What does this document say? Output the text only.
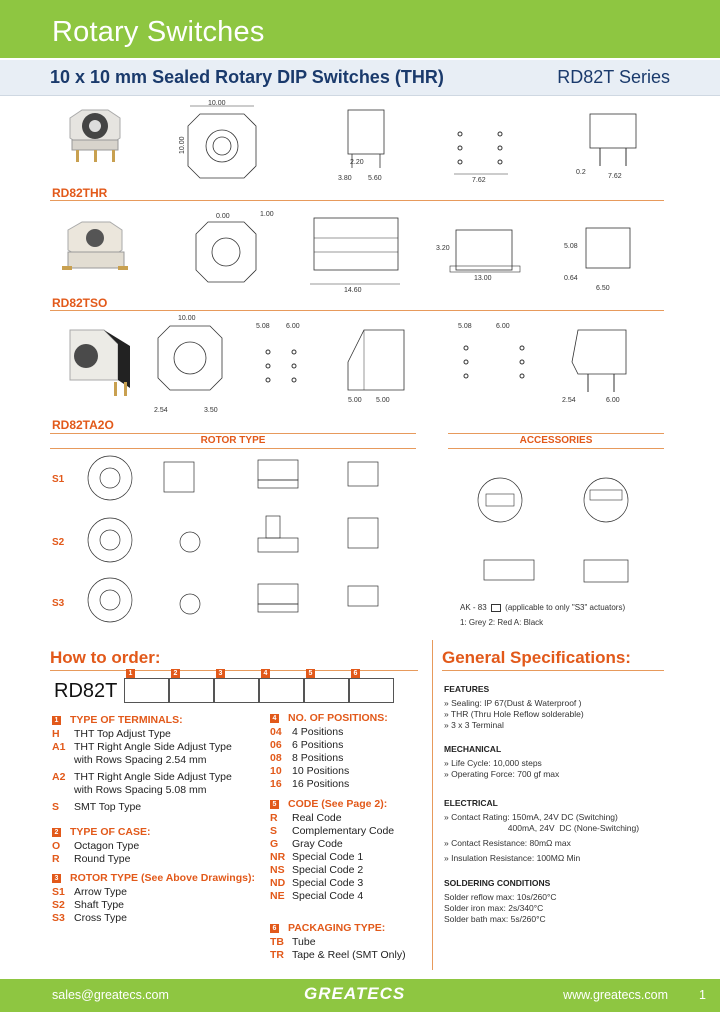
Rotary Switches
10 x 10 mm Sealed Rotary DIP Switches (THR)	RD82T Series
10.00
10.00
2.20
3.80 5.60	7.62
0.2
7.62
RD82THR
0.00	1.00
14.60
3.20
13.00
5.08
0.64
6.50
RD82TSO
10.00
2.54	3.50
5.08 6.00
5.00 5.00
5.08	6.00
2.54	6.00
RD82TA2O
ROTOR TYPE	ACCESSORIES
S1
S2
S3	AK - 83 (applicable to only "S3" actuators)
1: Grey 2: Red A: Black
How to order:
RD82T
1	2	3	4	5	6
1 TYPE OF TERMINALS:
H	THT Top Adjust Type
A1 THT Right Angle Side Adjust Type
with Rows Spacing 2.54 mm
A2 THT Right Angle Side Adjust Type
with Rows Spacing 5.08 mm
S	SMT Top Type
2 TYPE OF CASE:
O	Octagon Type
R	Round Type
3 ROTOR TYPE (See Above Drawings):
S1 Arrow Type
S2 Shaft Type
S3 Cross Type
4 NO. OF POSITIONS:
04 4 Positions
06 6 Positions
08 8 Positions
10 10 Positions
16 16 Positions
5 CODE (See Page 2):
R	Real Code
S	Complementary Code
G	Gray Code
NR Special Code 1
NS Special Code 2
ND Special Code 3
NE Special Code 4
6 PACKAGING TYPE:
TB Tube
TR Tape & Reel (SMT Only)
General Specifications:
FEATURES
» Sealing: IP 67(Dust & Waterproof )
» THR (Thru Hole Reflow solderable)
» 3 x 3 Terminal
MECHANICAL
» Life Cycle: 10,000 steps
» Operating Force: 700 gf max
ELECTRICAL
» Contact Rating: 150mA, 24V DC (Switching)
400mA, 24V  DC (None-Switching)
» Contact Resistance: 80mΩ max
» Insulation Resistance: 100MΩ Min
SOLDERING CONDITIONS
Solder reflow max: 10s/260°C
Solder iron max: 2s/340°C
Solder bath max: 5s/260°C
sales@greatecs.com	GREATECS	www.greatecs.com 1
